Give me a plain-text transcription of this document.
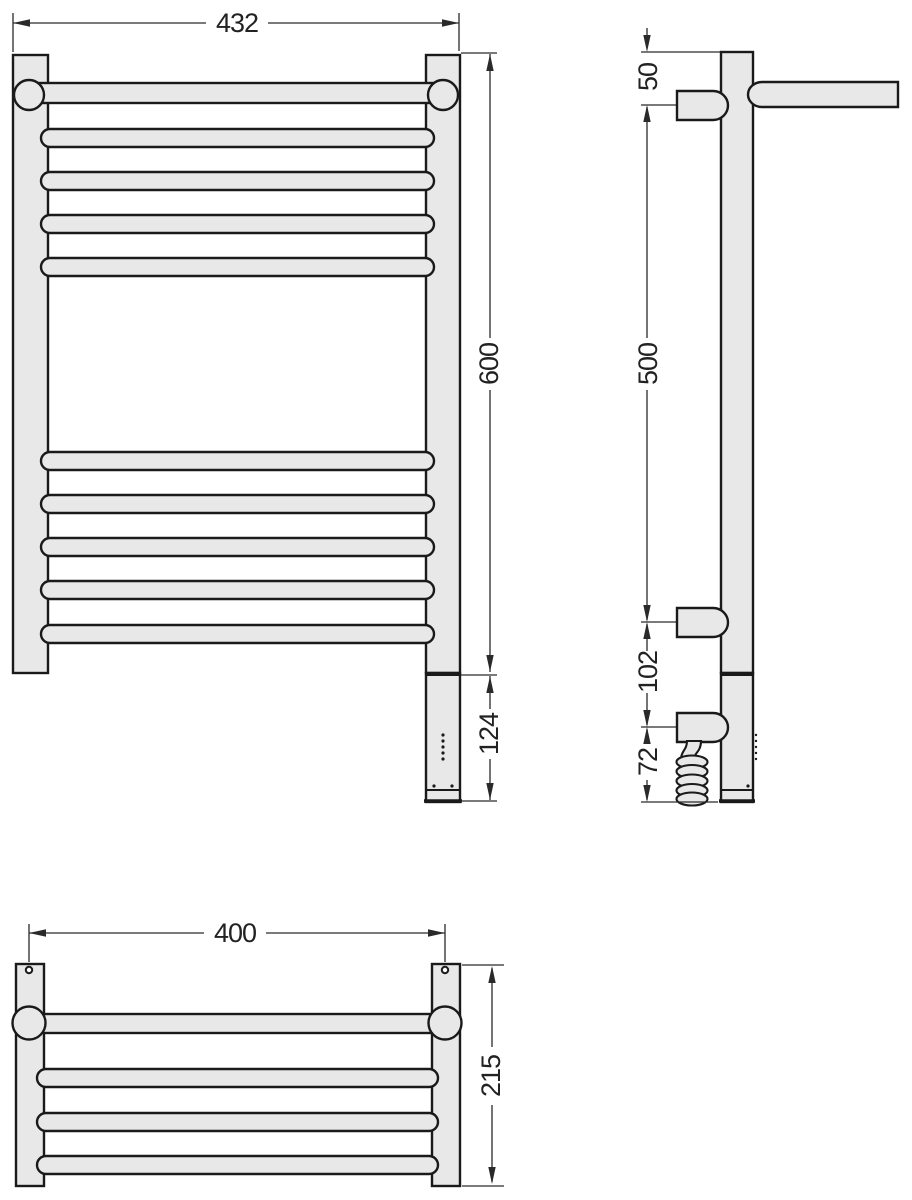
432
600
124
50
500
102
72
400
215
